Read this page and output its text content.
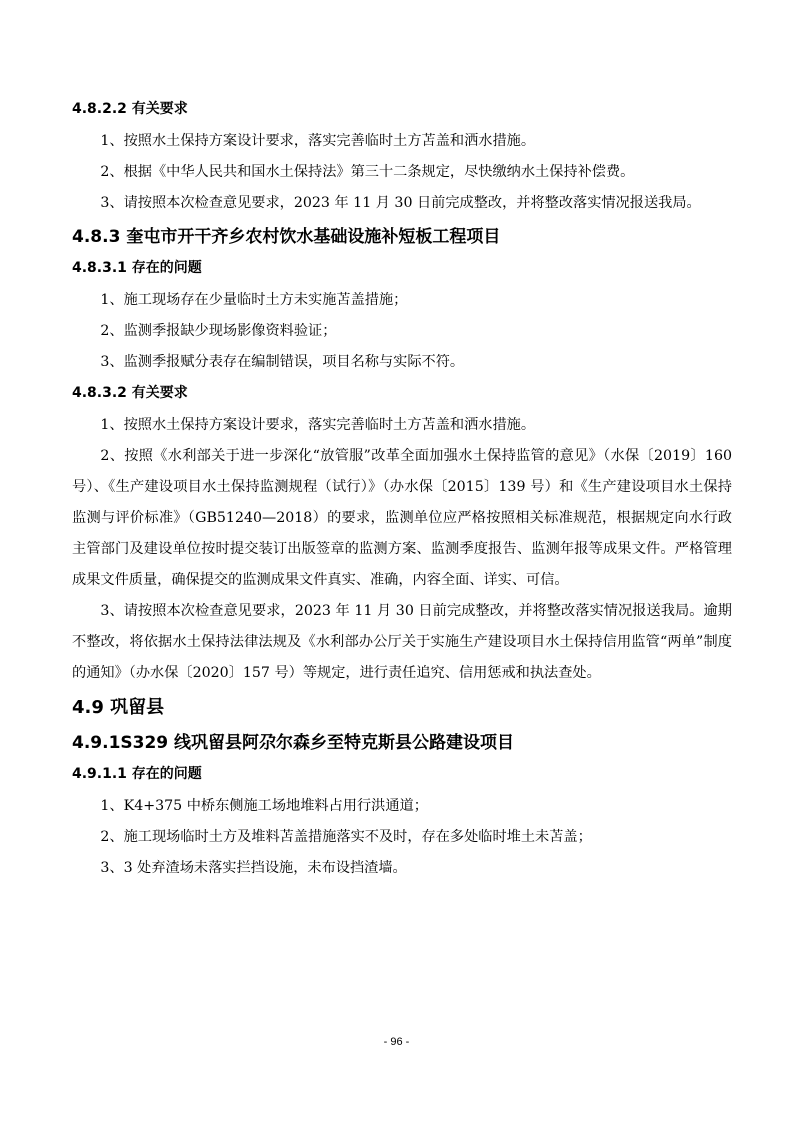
4.8.2.2 有关要求

1、按照水土保持方案设计要求，落实完善临时土方苫盖和洒水措施。

2、根据《中华人民共和国水土保持法》第三十二条规定，尽快缴纳水土保持补偿费。

3、请按照本次检查意见要求，2023 年 11 月 30 日前完成整改，并将整改落实情况报送我局。

4.8.3 奎屯市开干齐乡农村饮水基础设施补短板工程项目
4.8.3.1 存在的问题

1、施工现场存在少量临时土方未实施苫盖措施；

2、监测季报缺少现场影像资料验证；

3、监测季报赋分表存在编制错误，项目名称与实际不符。

4.8.3.2 有关要求

1、按照水土保持方案设计要求，落实完善临时土方苫盖和洒水措施。

2、按照《水利部关于进一步深化“放管服”改革全面加强水土保持监管的意见》（水保〔2019〕160 号）、《生产建设项目水土保持监测规程（试行）》（办水保〔2015〕139 号）和《生产建设项目水土保持监测与评价标准》（GB51240—2018）的要求，监测单位应严格按照相关标准规范，根据规定向水行政主管部门及建设单位按时提交装订出版签章的监测方案、监测季度报告、监测年报等成果文件。严格管理成果文件质量，确保提交的监测成果文件真实、准确，内容全面、详实、可信。

3、请按照本次检查意见要求，2023 年 11 月 30 日前完成整改，并将整改落实情况报送我局。逾期不整改，将依据水土保持法律法规及《水利部办公厅关于实施生产建设项目水土保持信用监管“两单”制度的通知》（办水保〔2020〕157 号）等规定，进行责任追究、信用惩戒和执法查处。

4.9 巩留县
4.9.1S329 线巩留县阿尕尔森乡至特克斯县公路建设项目
4.9.1.1 存在的问题

1、K4+375 中桥东侧施工场地堆料占用行洪通道；

2、施工现场临时土方及堆料苫盖措施落实不及时，存在多处临时堆土未苫盖；

3、3 处弃渣场未落实拦挡设施，未布设挡渣墙。

- 96 -
